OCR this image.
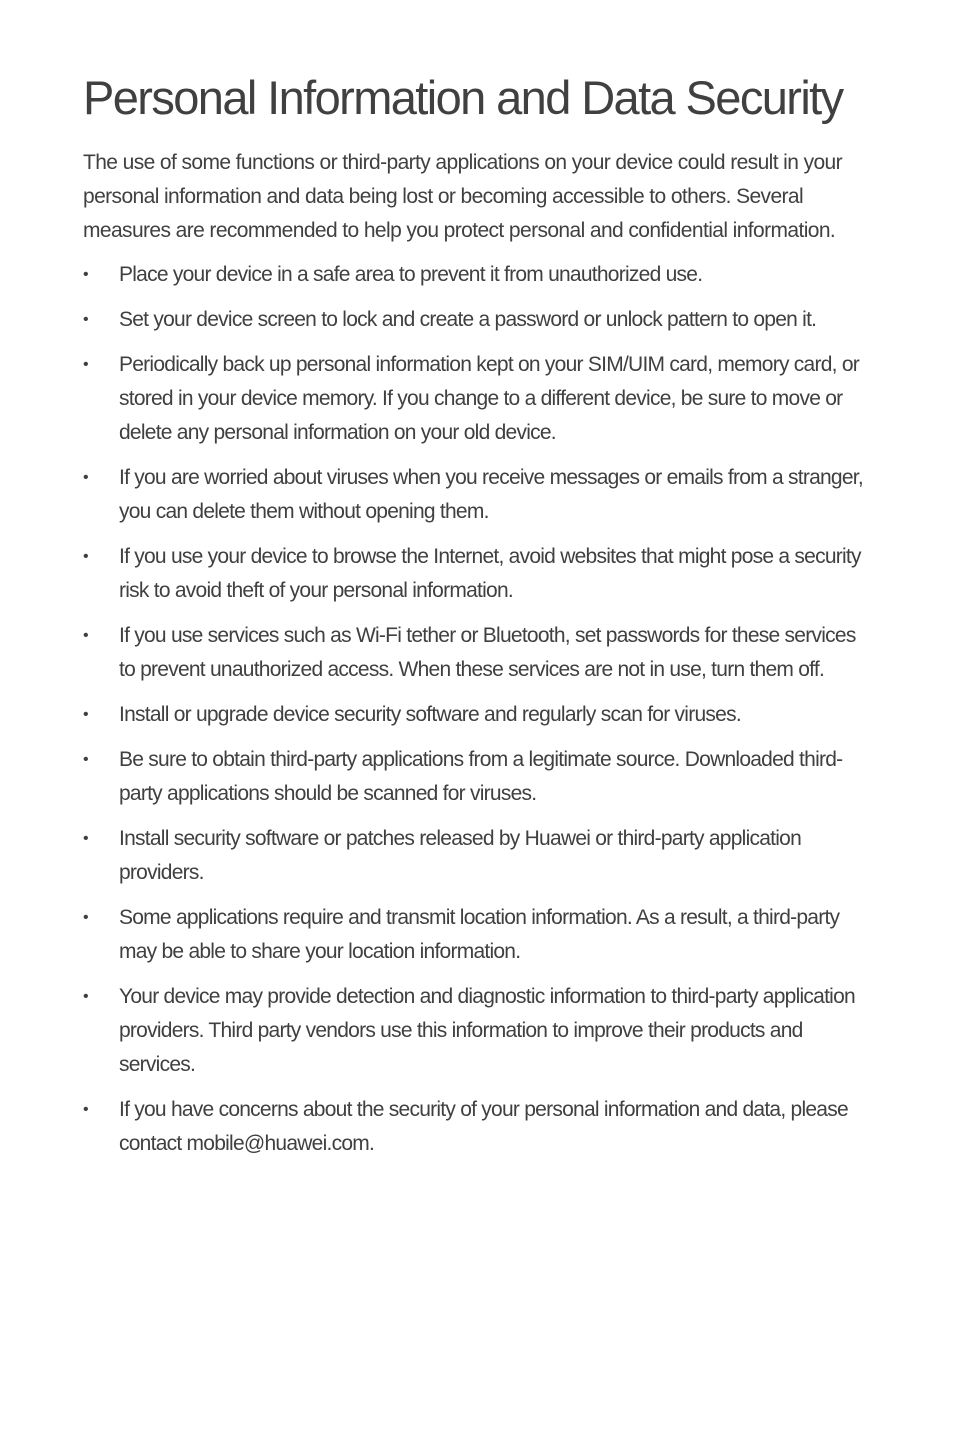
Personal Information and Data Security

The use of some functions or third-party applications on your device could result in your personal information and data being lost or becoming accessible to others. Several measures are recommended to help you protect personal and confidential information.

•	Place your device in a safe area to prevent it from unauthorized use.
•	Set your device screen to lock and create a password or unlock pattern to open it.
•	Periodically back up personal information kept on your SIM/UIM card, memory card, or stored in your device memory. If you change to a different device, be sure to move or delete any personal information on your old device.
•	If you are worried about viruses when you receive messages or emails from a stranger, you can delete them without opening them.
•	If you use your device to browse the Internet, avoid websites that might pose a security risk to avoid theft of your personal information.
•	If you use services such as Wi-Fi tether or Bluetooth, set passwords for these services to prevent unauthorized access. When these services are not in use, turn them off.
•	Install or upgrade device security software and regularly scan for viruses.
•	Be sure to obtain third-party applications from a legitimate source. Downloaded third-party applications should be scanned for viruses.
•	Install security software or patches released by Huawei or third-party application providers.
•	Some applications require and transmit location information. As a result, a third-party may be able to share your location information.
•	Your device may provide detection and diagnostic information to third-party application providers. Third party vendors use this information to improve their products and services.
•	If you have concerns about the security of your personal information and data, please contact mobile@huawei.com.
